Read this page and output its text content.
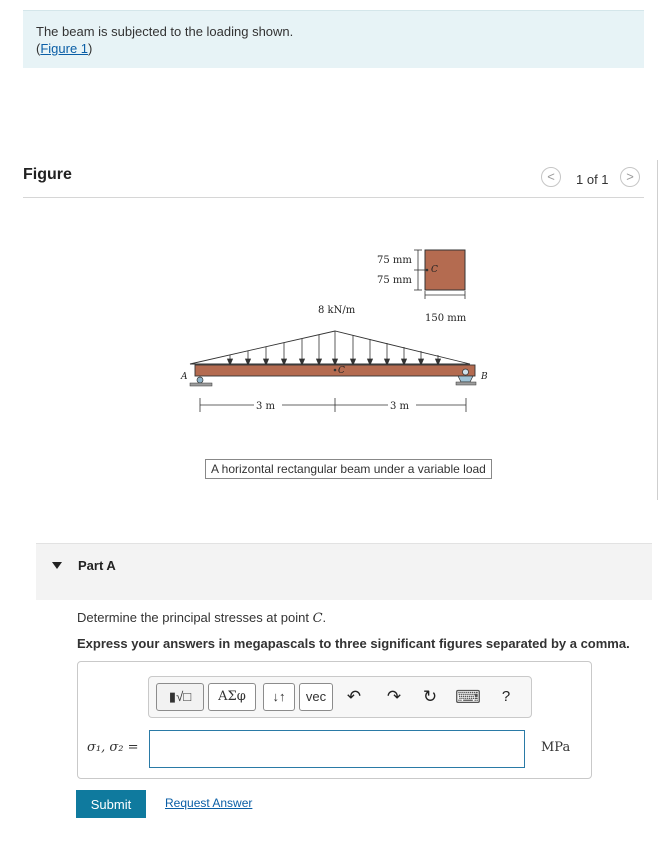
The beam is subjected to the loading shown.
(Figure 1)
Figure	<	1 of 1	>
75 mm
75 mm
C
150 mm
8 kN/m
C
A	B
3 m	3 m
A horizontal rectangular beam under a variable load
Part A
Determine the principal stresses at point C.
Express your answers in megapascals to three significant figures separated by a comma.
▮√□	ΑΣφ	↓↑	vec	↶ ↷ ↻ ⌨	?
σ₁, σ₂ =	MPa
Submit	Request Answer
